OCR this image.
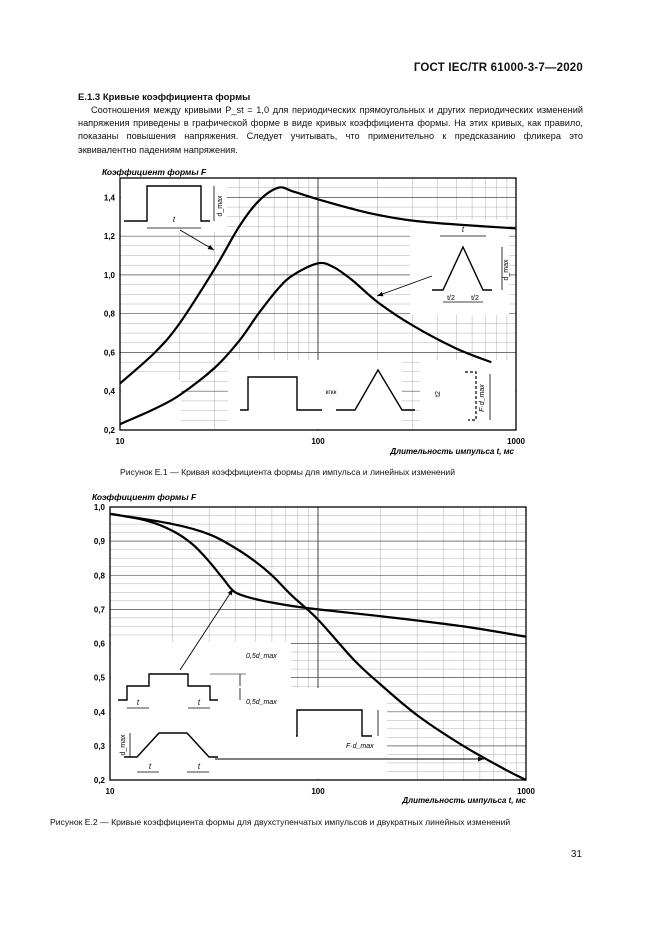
ГОСТ IEC/TR 61000-3-7—2020
E.1.3 Кривые коэффициента формы
Соотношения между кривыми P_st = 1,0 для периодических прямоугольных и других периодических изменений напряжения приведены в графической форме в виде кривых коэффициента формы. На этих кривых, как правило, показаны повышения напряжения. Следует учитывать, что применительно к предсказанию фликера это эквивалентно падениям напряжения.
0,2
0,4
0,6
0,8
1,0
1,2
1,4
10	100	1000
Коэффициент формы F
Длительность импульса t, мс
t
d_max
t
d_max
t/2 t/2
кгкк	t2	F·d_max
0,2
0,3
0,4
0,5
0,6
0,7
0,8
0,9
1,0
10	100	1000
Коэффициент формы F
Длительность импульса t, мс
t	t
0,5d_max
0,5d_max
d_max
t	t
F·d_max
Рисунок Е.1 — Кривая коэффициента формы для импульса и линейных изменений
Рисунок Е.2 — Кривые коэффициента формы для двухступенчатых импульсов и двукратных линейных изменений
31
